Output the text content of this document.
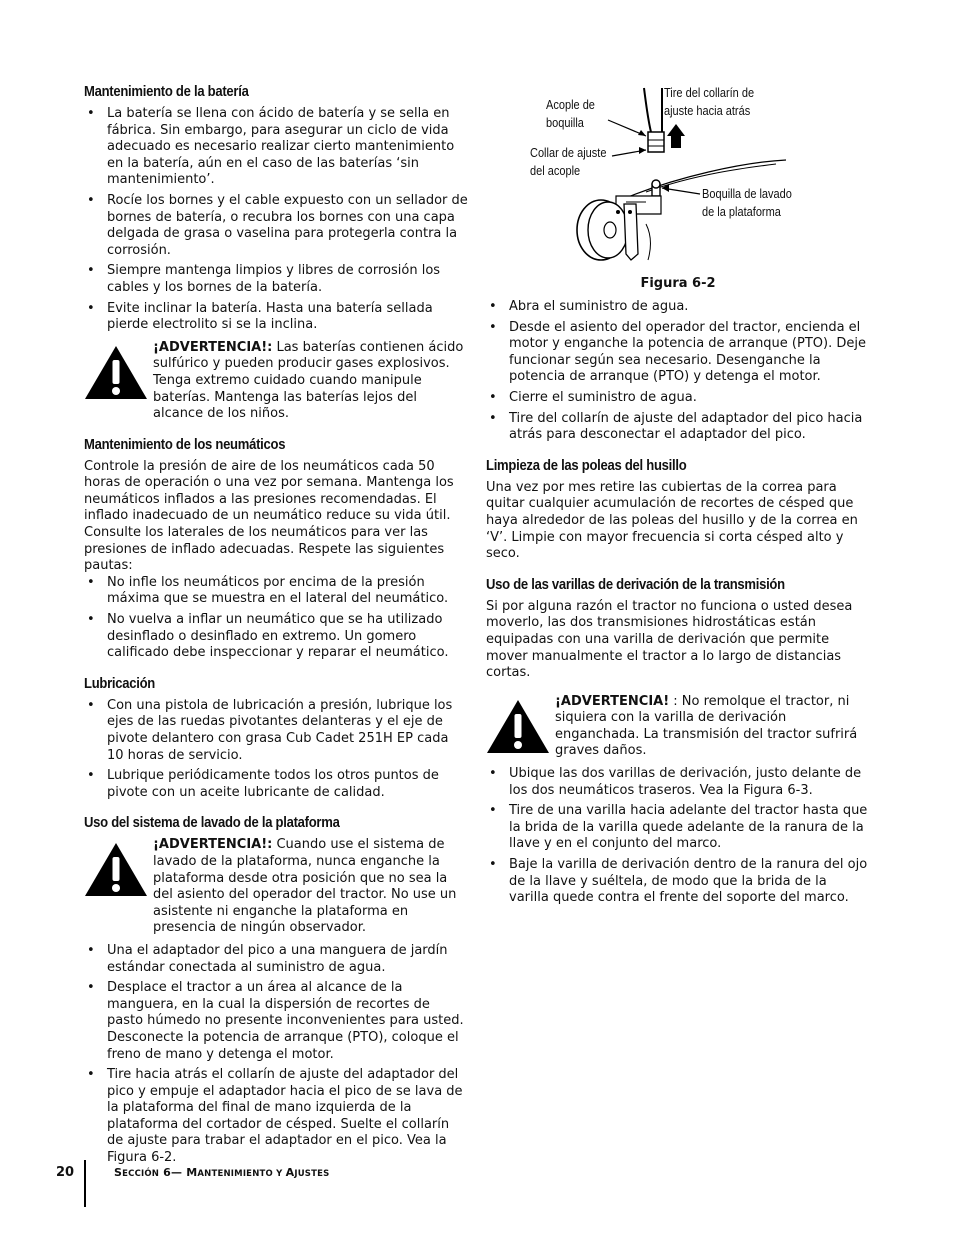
Mantenimiento de la batería
• La batería se llena con ácido de batería y se sella en fábrica. Sin embargo, para asegurar un ciclo de vida adecuado es necesario realizar cierto mantenimiento en la batería, aún en el caso de las baterías ‘sin mantenimiento’.
• Rocíe los bornes y el cable expuesto con un sellador de bornes de batería, o recubra los bornes con una capa delgada de grasa o vaselina para protegerla contra la corrosión.
• Siempre mantenga limpios y libres de corrosión los cables y los bornes de la batería.
• Evite inclinar la batería. Hasta una batería sellada pierde electrolito si se la inclina.

¡ADVERTENCIA!: Las baterías contienen ácido sulfúrico y pueden producir gases explosivos. Tenga extremo cuidado cuando manipule baterías. Mantenga las baterías lejos del alcance de los niños.

Mantenimiento de los neumáticos

Controle la presión de aire de los neumáticos cada 50 horas de operación o una vez por semana. Mantenga los neumáticos inflados a las presiones recomendadas. El inflado inadecuado de un neumático reduce su vida útil. Consulte los laterales de los neumáticos para ver las presiones de inflado adecuadas. Respete las siguientes pautas:

• No infle los neumáticos por encima de la presión máxima que se muestra en el lateral del neumático.
• No vuelva a inflar un neumático que se ha utilizado desinflado o desinflado en extremo. Un gomero calificado debe inspeccionar y reparar el neumático.
Lubricación
• Con una pistola de lubricación a presión, lubrique los ejes de las ruedas pivotantes delanteras y el eje de pivote delantero con grasa Cub Cadet 251H EP cada 10 horas de servicio.
• Lubrique periódicamente todos los otros puntos de pivote con un aceite lubricante de calidad.
Uso del sistema de lavado de la plataforma

¡ADVERTENCIA!: Cuando use el sistema de lavado de la plataforma, nunca enganche la plataforma desde otra posición que no sea la del asiento del operador del tractor. No use un asistente ni enganche la plataforma en presencia de ningún observador.

• Una el adaptador del pico a una manguera de jardín estándar conectada al suministro de agua.
• Desplace el tractor a un área al alcance de la manguera, en la cual la dispersión de recortes de pasto húmedo no presente inconvenientes para usted. Desconecte la potencia de arranque (PTO), coloque el freno de mano y detenga el motor.
• Tire hacia atrás el collarín de ajuste del adaptador del pico y empuje el adaptador hacia el pico de se lava de la plataforma del final de mano izquierda de la plataforma del cortador de césped. Suelte el collarín de ajuste para trabar el adaptador en el pico. Vea la Figura 6-2.
Acople de
boquilla
Tire del collarín de
ajuste hacia atrás
Collar de ajuste
del acople
Boquilla de lavado
de la plataforma
Figura 6-2
• Abra el suministro de agua.
• Desde el asiento del operador del tractor, encienda el motor y enganche la potencia de arranque (PTO). Deje funcionar según sea necesario. Desenganche la potencia de arranque (PTO) y detenga el motor.
• Cierre el suministro de agua.
• Tire del collarín de ajuste del adaptador del pico hacia atrás para desconectar el adaptador del pico.
Limpieza de las poleas del husillo

Una vez por mes retire las cubiertas de la correa para quitar cualquier acumulación de recortes de césped que haya alrededor de las poleas del husillo y de la correa en ‘V’. Limpie con mayor frecuencia si corta césped alto y seco.

Uso de las varillas de derivación de la transmisión

Si por alguna razón el tractor no funciona o usted desea moverlo, las dos transmisiones hidrostáticas están equipadas con una varilla de derivación que permite mover manualmente el tractor a lo largo de distancias cortas.

¡ADVERTENCIA! : No remolque el tractor, ni siquiera con la varilla de derivación enganchada. La transmisión del tractor sufrirá graves daños.

• Ubique las dos varillas de derivación, justo delante de los dos neumáticos traseros. Vea la Figura 6-3.
• Tire de una varilla hacia adelante del tractor hasta que la brida de la varilla quede adelante de la ranura de la llave y en el conjunto del marco.
• Baje la varilla de derivación dentro de la ranura del ojo de la llave y suéltela, de modo que la brida de la varilla quede contra el frente del soporte del marco.
20	SECCIÓN 6— MANTENIMIENTO Y AJUSTES
